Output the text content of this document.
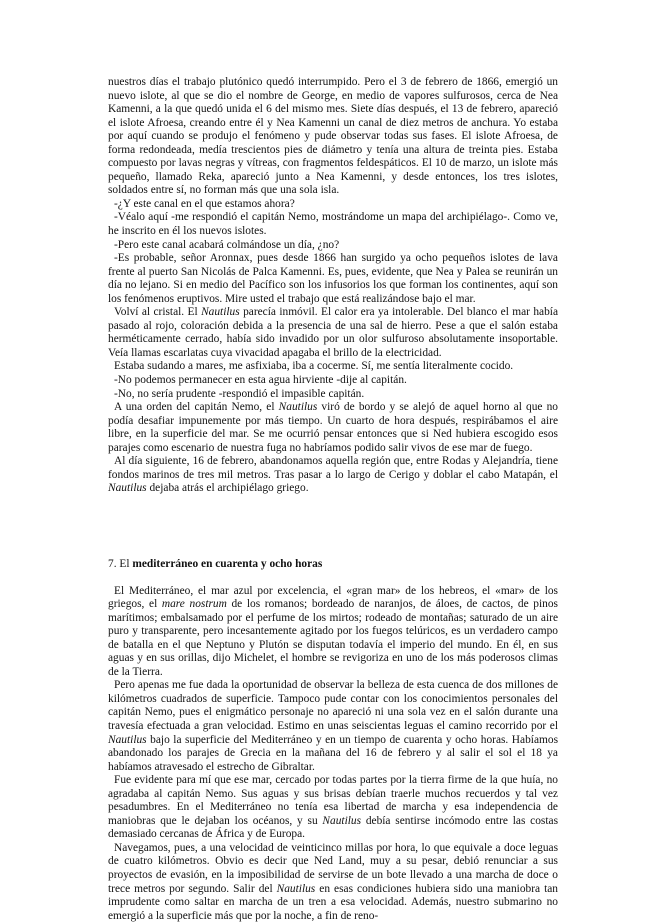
nuestros días el trabajo plutónico quedó interrumpido. Pero el 3 de febrero de 1866, emergió un nuevo islote, al que se dio el nombre de George, en medio de vapores sulfurosos, cerca de Nea Kamenni, a la que quedó unida el 6 del mismo mes. Siete días después, el 13 de febrero, apareció el islote Afroesa, creando entre él y Nea Kamenni un canal de diez metros de anchura. Yo estaba por aquí cuando se produjo el fenómeno y pude observar todas sus fases. El islote Afroesa, de forma redondeada, medía trescientos pies de diámetro y tenía una altura de treinta pies. Estaba compuesto por lavas negras y vítreas, con fragmentos feldespáticos. El 10 de marzo, un islote más pequeño, llamado Reka, apareció junto a Nea Kamenni, y desde entonces, los tres islotes, soldados entre sí, no forman más que una sola isla.

-¿Y este canal en el que estamos ahora?

-Véalo aquí -me respondió el capitán Nemo, mostrándome un mapa del archipiélago-. Como ve, he inscrito en él los nuevos islotes.

-Pero este canal acabará colmándose un día, ¿no?

-Es probable, señor Aronnax, pues desde 1866 han surgido ya ocho pequeños islotes de lava frente al puerto San Nicolás de Palca Kamenni. Es, pues, evidente, que Nea y Palea se reunirán un día no lejano. Si en medio del Pacífico son los infusorios los que forman los continentes, aquí son los fenómenos eruptivos. Mire usted el trabajo que está realizándose bajo el mar.

Volví al cristal. El Nautilus parecía inmóvil. El calor era ya intolerable. Del blanco el mar había pasado al rojo, coloración debida a la presencia de una sal de hierro. Pese a que el salón estaba herméticamente cerrado, había sido invadido por un olor sulfuroso absolutamente insoportable. Veía llamas escarlatas cuya vivacidad apagaba el brillo de la electricidad.

Estaba sudando a mares, me asfixiaba, iba a cocerme. Sí, me sentía literalmente cocido.

-No podemos permanecer en esta agua hirviente -dije al capitán.

-No, no sería prudente -respondió el impasible capitán.

A una orden del capitán Nemo, el Nautilus viró de bordo y se alejó de aquel horno al que no podía desafiar impunemente por más tiempo. Un cuarto de hora después, respirábamos el aire libre, en la superficie del mar. Se me ocurrió pensar entonces que si Ned hubiera escogido esos parajes como escenario de nuestra fuga no habríamos podido salir vivos de ese mar de fuego.

Al día siguiente, 16 de febrero, abandonamos aquella región que, entre Rodas y Alejandría, tiene fondos marinos de tres mil metros. Tras pasar a lo largo de Cerigo y doblar el cabo Matapán, el Nautilus dejaba atrás el archipiélago griego.

7. El mediterráneo en cuarenta y ocho horas

El Mediterráneo, el mar azul por excelencia, el «gran mar» de los hebreos, el «mar» de los griegos, el mare nostrum de los romanos; bordeado de naranjos, de áloes, de cactos, de pinos marítimos; embalsamado por el perfume de los mirtos; rodeado de montañas; saturado de un aire puro y transparente, pero incesantemente agitado por los fuegos telúricos, es un verdadero campo de batalla en el que Neptuno y Plutón se disputan todavía el imperio del mundo. En él, en sus aguas y en sus orillas, dijo Michelet, el hombre se revigoriza en uno de los más poderosos climas de la Tierra.

Pero apenas me fue dada la oportunidad de observar la belleza de esta cuenca de dos millones de kilómetros cuadrados de superficie. Tampoco pude contar con los conocimientos personales del capitán Nemo, pues el enigmático personaje no apareció ni una sola vez en el salón durante una travesía efectuada a gran velocidad. Estimo en unas seiscientas leguas el camino recorrido por el Nautilus bajo la superficie del Mediterráneo y en un tiempo de cuarenta y ocho horas. Habíamos abandonado los parajes de Grecia en la mañana del 16 de febrero y al salir el sol el 18 ya habíamos atravesado el estrecho de Gibraltar.

Fue evidente para mí que ese mar, cercado por todas partes por la tierra firme de la que huía, no agradaba al capitán Nemo. Sus aguas y sus brisas debían traerle muchos recuerdos y tal vez pesadumbres. En el Mediterráneo no tenía esa libertad de marcha y esa independencia de maniobras que le dejaban los océanos, y su Nautilus debía sentirse incómodo entre las costas demasiado cercanas de África y de Europa.

Navegamos, pues, a una velocidad de veinticinco millas por hora, lo que equivale a doce leguas de cuatro kilómetros. Obvio es decir que Ned Land, muy a su pesar, debió renunciar a sus proyectos de evasión, en la imposibilidad de servirse de un bote llevado a una marcha de doce o trece metros por segundo. Salir del Nautilus en esas condiciones hubiera sido una maniobra tan imprudente como saltar en marcha de un tren a esa velocidad. Además, nuestro submarino no emergió a la superficie más que por la noche, a fin de reno-
